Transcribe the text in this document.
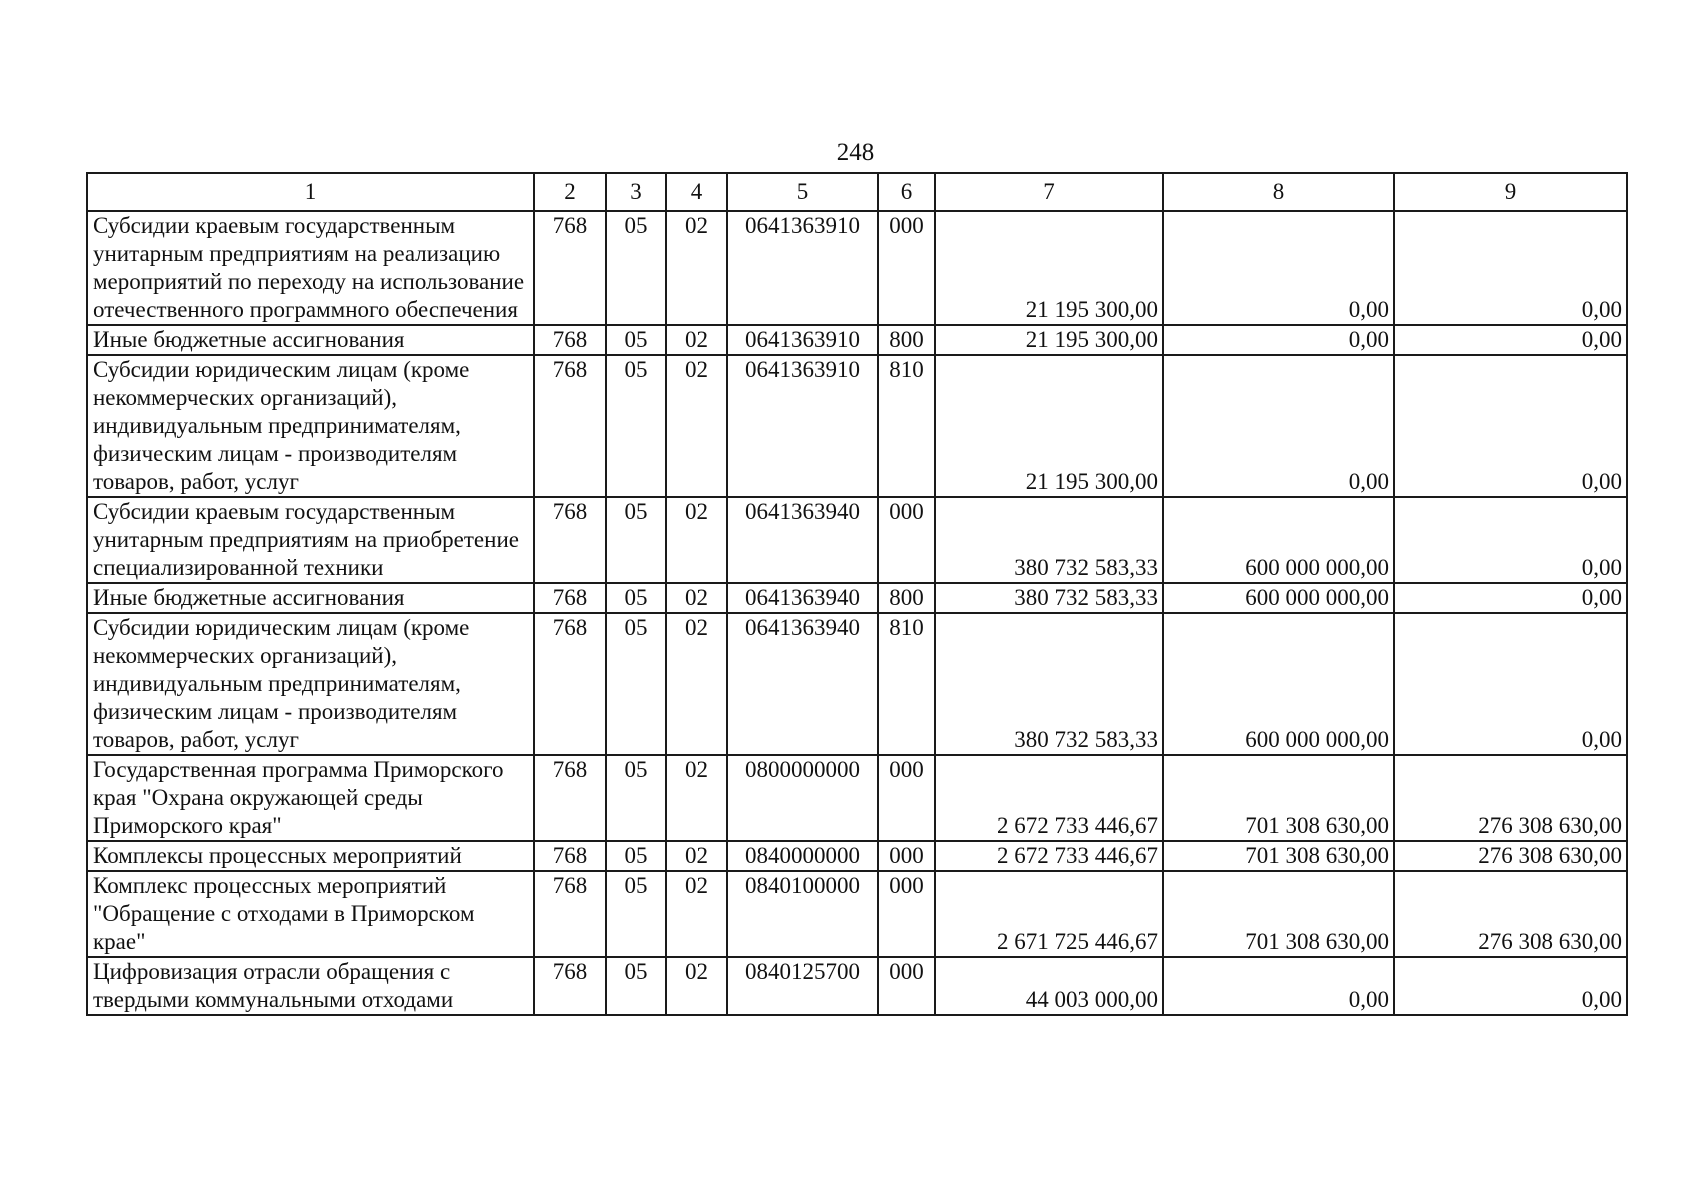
248
1	2	3	4	5	6	7	8	9
Субсидии краевым государственным унитарным предприятиям на реализацию мероприятий по переходу на использование отечественного программного обеспечения	768	05	02	0641363910	000	21 195 300,00	0,00	0,00
Иные бюджетные ассигнования	768	05	02	0641363910	800	21 195 300,00	0,00	0,00
Субсидии юридическим лицам (кроме некоммерческих организаций), индивидуальным предпринимателям, физическим лицам - производителям товаров, работ, услуг	768	05	02	0641363910	810	21 195 300,00	0,00	0,00
Субсидии краевым государственным унитарным предприятиям на приобретение специализированной техники	768	05	02	0641363940	000	380 732 583,33	600 000 000,00	0,00
Иные бюджетные ассигнования	768	05	02	0641363940	800	380 732 583,33	600 000 000,00	0,00
Субсидии юридическим лицам (кроме некоммерческих организаций), индивидуальным предпринимателям, физическим лицам - производителям товаров, работ, услуг	768	05	02	0641363940	810	380 732 583,33	600 000 000,00	0,00
Государственная программа Приморского края "Охрана окружающей среды Приморского края"	768	05	02	0800000000	000	2 672 733 446,67	701 308 630,00	276 308 630,00
Комплексы процессных мероприятий	768	05	02	0840000000	000	2 672 733 446,67	701 308 630,00	276 308 630,00
Комплекс процессных мероприятий "Обращение с отходами в Приморском крае"	768	05	02	0840100000	000	2 671 725 446,67	701 308 630,00	276 308 630,00
Цифровизация отрасли обращения с твердыми коммунальными отходами	768	05	02	0840125700	000	44 003 000,00	0,00	0,00
